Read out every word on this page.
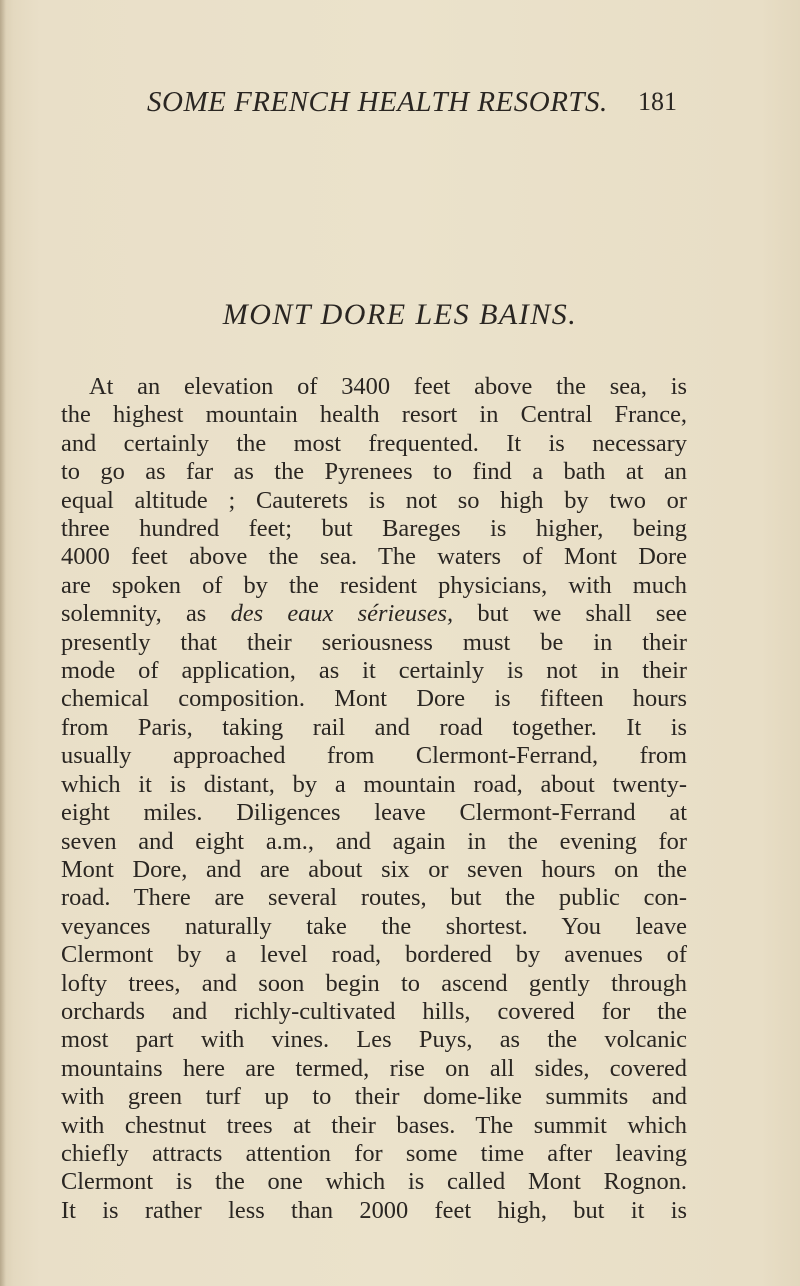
SOME FRENCH HEALTH RESORTS. 181
MONT DORE LES BAINS.
At an elevation of 3400 feet above the sea, is
the highest mountain health resort in Central France,
and certainly the most frequented. It is necessary
to go as far as the Pyrenees to find a bath at an
equal altitude ; Cauterets is not so high by two or
three hundred feet; but Bareges is higher, being
4000 feet above the sea. The waters of Mont Dore
are spoken of by the resident physicians, with much
solemnity, as des eaux sérieuses, but we shall see
presently that their seriousness must be in their
mode of application, as it certainly is not in their
chemical composition. Mont Dore is fifteen hours
from Paris, taking rail and road together. It is
usually approached from Clermont-Ferrand, from
which it is distant, by a mountain road, about twenty-
eight miles. Diligences leave Clermont-Ferrand at
seven and eight a.m., and again in the evening for
Mont Dore, and are about six or seven hours on the
road. There are several routes, but the public con-
veyances naturally take the shortest. You leave
Clermont by a level road, bordered by avenues of
lofty trees, and soon begin to ascend gently through
orchards and richly-cultivated hills, covered for the
most part with vines. Les Puys, as the volcanic
mountains here are termed, rise on all sides, covered
with green turf up to their dome-like summits and
with chestnut trees at their bases. The summit which
chiefly attracts attention for some time after leaving
Clermont is the one which is called Mont Rognon.
It is rather less than 2000 feet high, but it is
